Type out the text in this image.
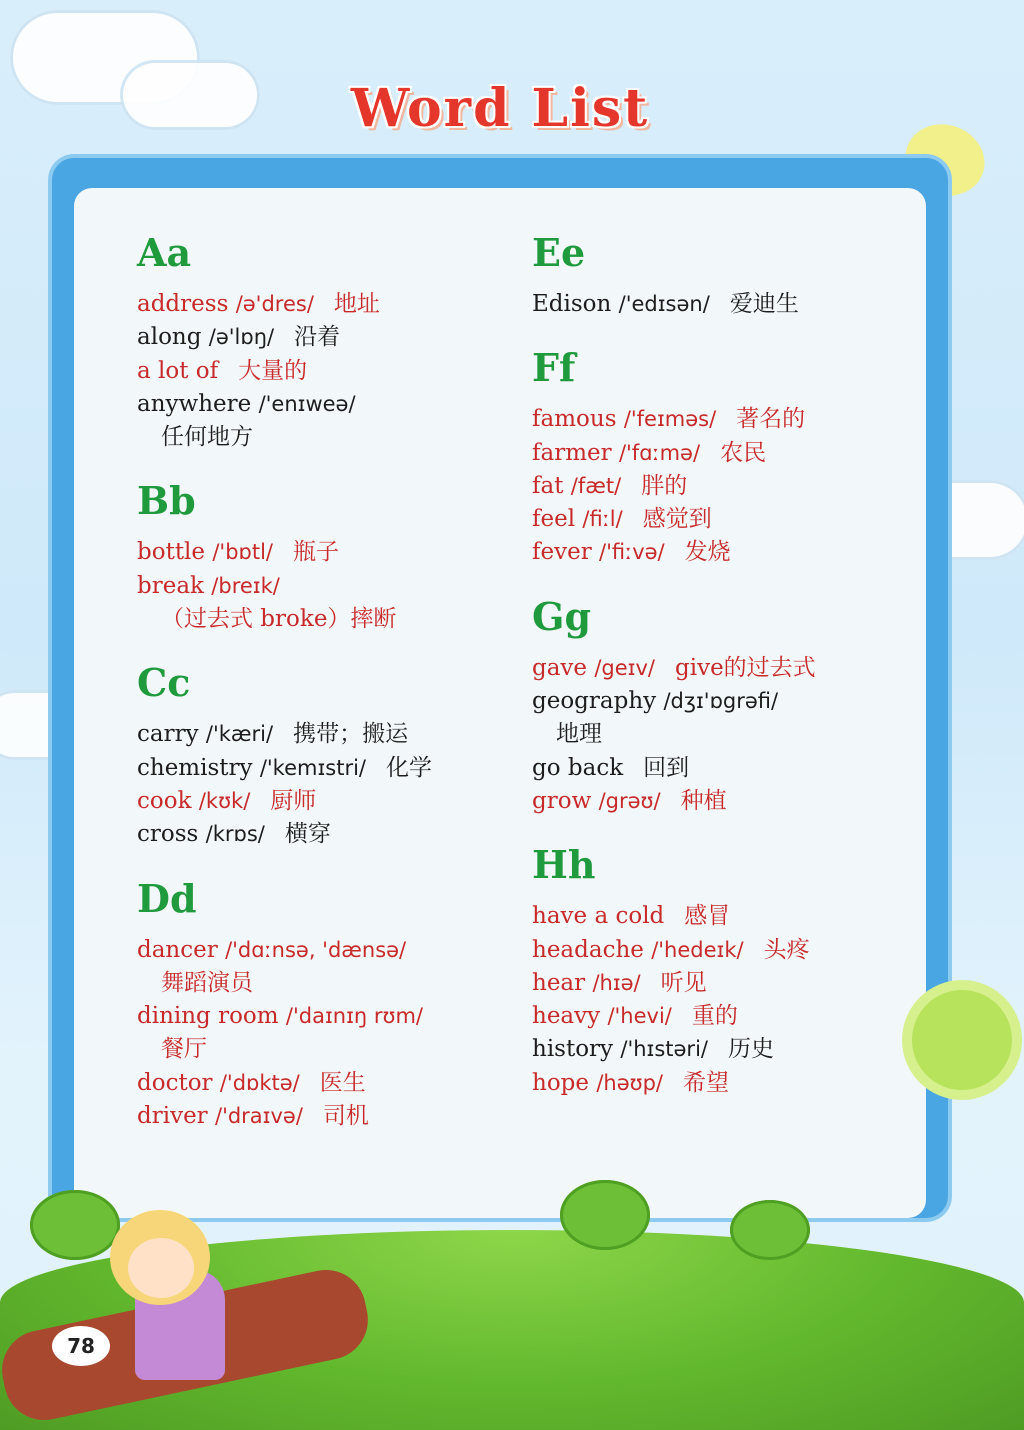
Word List
Aa
address /ə'dres/ 地址
along /ə'lɒŋ/ 沿着
a lot of 大量的
anywhere /'enɪweə/
任何地方
Bb
bottle /'bɒtl/ 瓶子
break /breɪk/
（过去式 broke）摔断
Cc
carry /'kæri/ 携带；搬运
chemistry /'kemɪstri/ 化学
cook /kʊk/ 厨师
cross /krɒs/ 横穿
Dd
dancer /'dɑːnsə, 'dænsə/
舞蹈演员
dining room /'daɪnɪŋ rʊm/
餐厅
doctor /'dɒktə/ 医生
driver /'draɪvə/ 司机
Ee
Edison /'edɪsən/ 爱迪生
Ff
famous /'feɪməs/ 著名的
farmer /'fɑːmə/ 农民
fat /fæt/ 胖的
feel /fiːl/ 感觉到
fever /'fiːvə/ 发烧
Gg
gave /geɪv/ give的过去式
geography /dʒɪ'ɒgrəfi/
地理
go back 回到
grow /grəʊ/ 种植
Hh
have a cold 感冒
headache /'hedeɪk/ 头疼
hear /hɪə/ 听见
heavy /'hevi/ 重的
history /'hɪstəri/ 历史
hope /həʊp/ 希望
78
